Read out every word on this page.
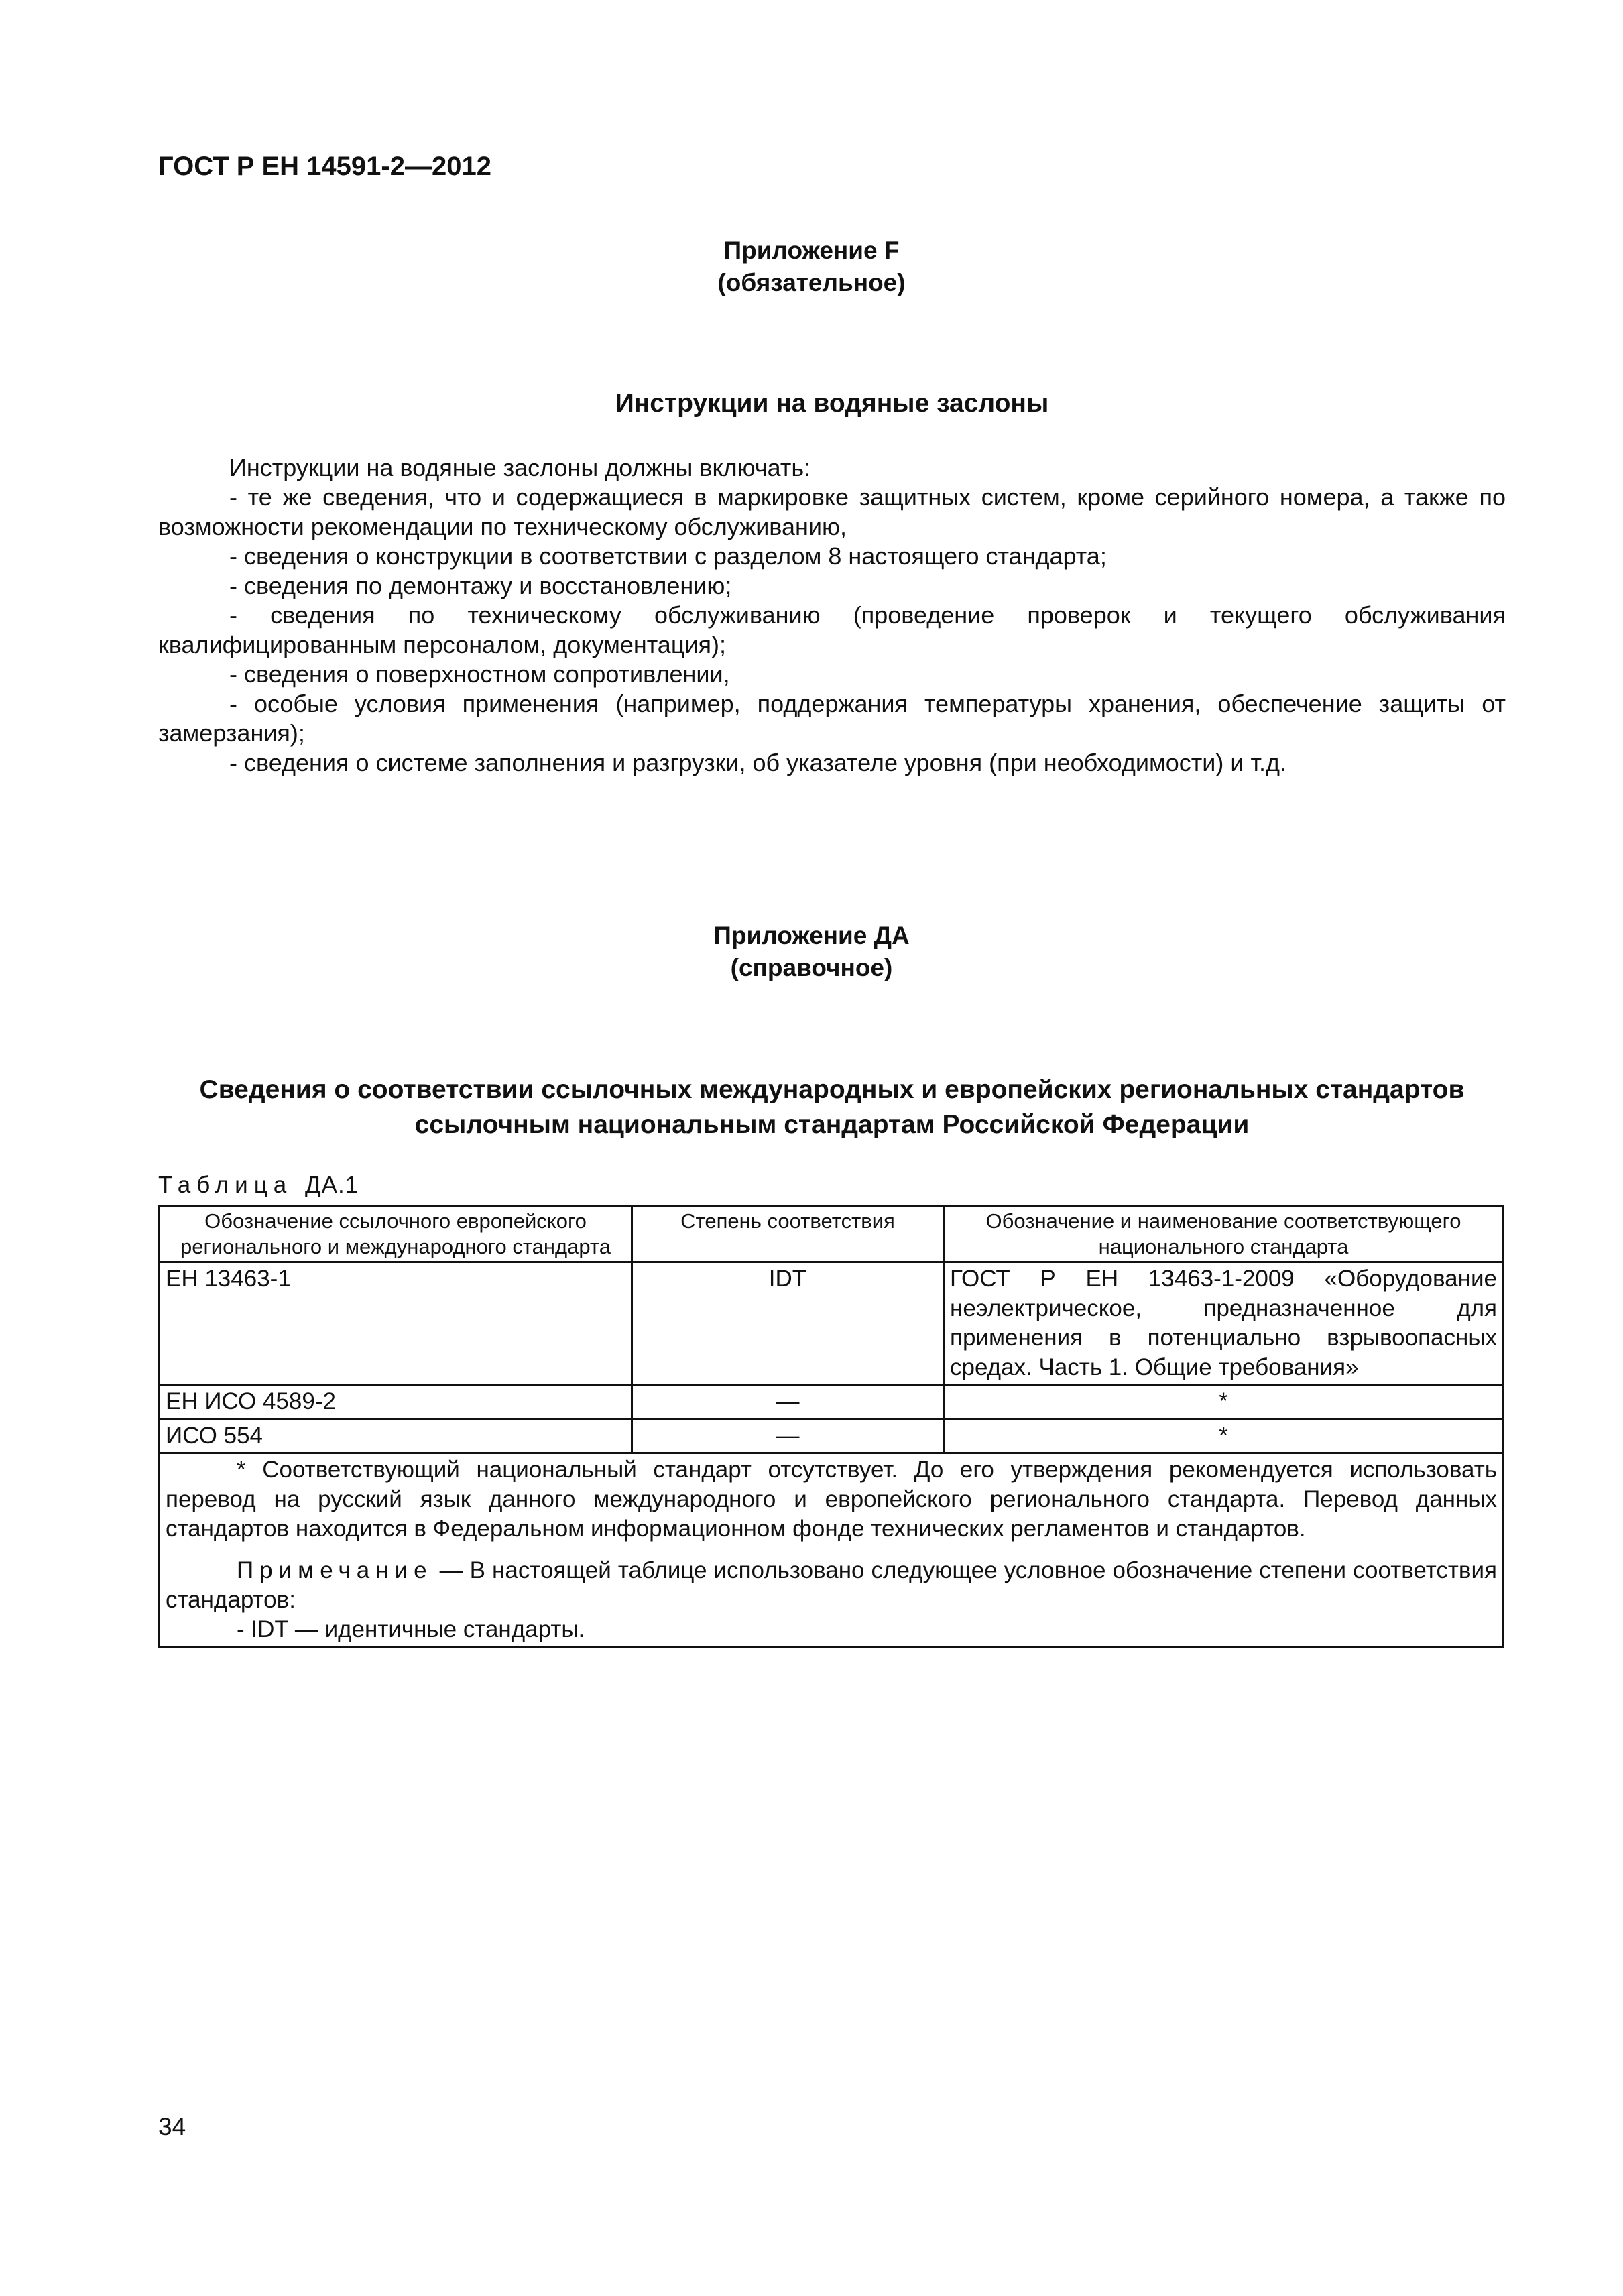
ГОСТ Р ЕН 14591-2—2012
Приложение F
(обязательное)
Инструкции на водяные заслоны

Инструкции на водяные заслоны должны включать:

- те же сведения, что и содержащиеся в маркировке защитных систем, кроме серийного номера, а также по возможности рекомендации по техническому обслуживанию,

- сведения о конструкции в соответствии с разделом 8 настоящего стандарта;

- сведения по демонтажу и восстановлению;

- сведения по техническому обслуживанию (проведение проверок и текущего обслуживания квалифицированным персоналом, документация);

- сведения о поверхностном сопротивлении,

- особые условия применения (например, поддержания температуры хранения, обеспечение защиты от замерзания);

- сведения о системе заполнения и разгрузки, об указателе уровня (при необходимости) и т.д.

Приложение ДА
(справочное)
Сведения о соответствии ссылочных международных и европейских региональных стандартов ссылочным национальным стандартам Российской Федерации
Таблица ДА.1
Обозначение ссылочного европейского регионального и международного стандарта	Степень соответствия	Обозначение и наименование соответствующего национального стандарта
ЕН 13463-1	IDT	ГОСТ Р ЕН 13463-1-2009 «Оборудование неэлектрическое, предназначенное для применения в потенциально взрывоопасных средах. Часть 1. Общие требования»
ЕН ИСО 4589-2	—	*
ИСО 554	—	*

* Соответствующий национальный стандарт отсутствует. До его утверждения рекомендуется использовать перевод на русский язык данного международного и европейского регионального стандарта. Перевод данных стандартов находится в Федеральном информационном фонде технических регламентов и стандартов.

Примечание — В настоящей таблице использовано следующее условное обозначение степени соответствия стандартов:

- IDT — идентичные стандарты.		

34
